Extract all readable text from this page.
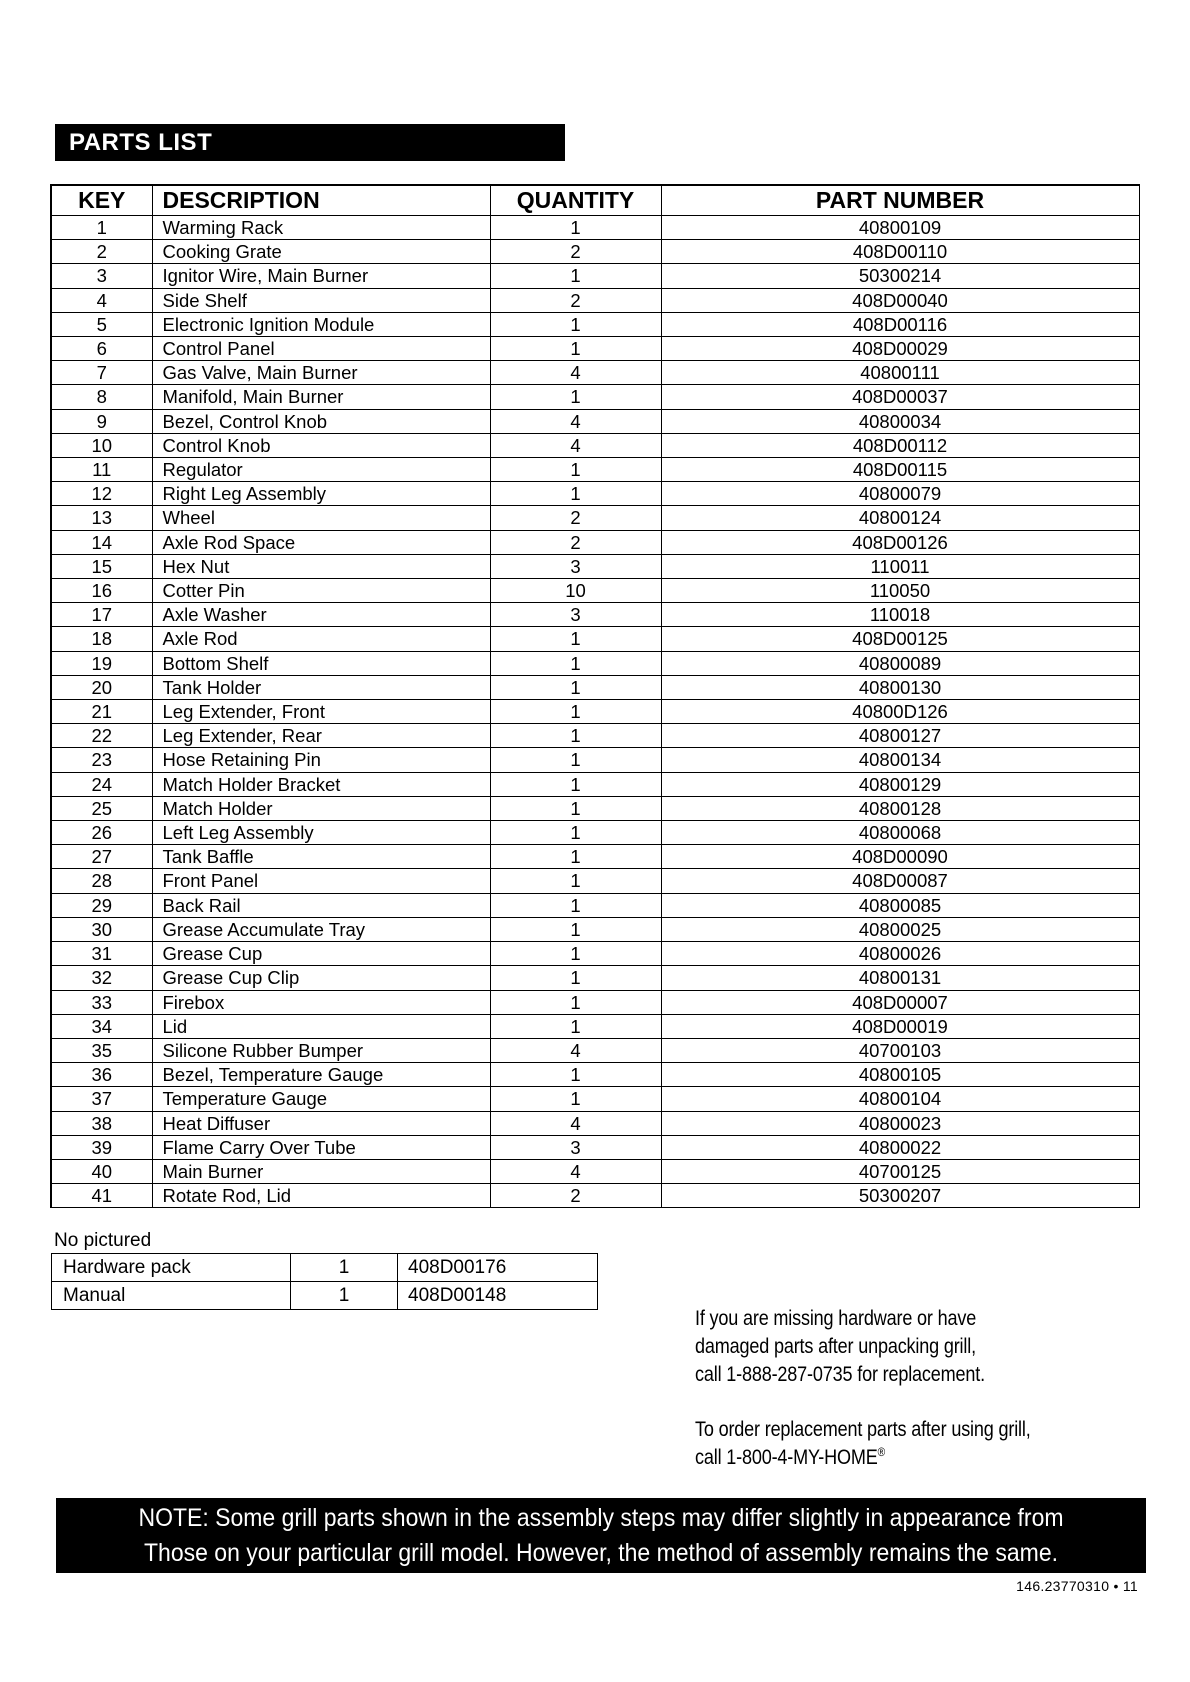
PARTS LIST
KEY	DESCRIPTION	QUANTITY	PART NUMBER
1	Warming Rack	1	40800109
2	Cooking Grate	2	408D00110
3	Ignitor Wire, Main Burner	1	50300214
4	Side Shelf	2	408D00040
5	Electronic Ignition Module	1	408D00116
6	Control Panel	1	408D00029
7	Gas Valve, Main Burner	4	40800111
8	Manifold, Main Burner	1	408D00037
9	Bezel, Control Knob	4	40800034
10	Control Knob	4	408D00112
11	Regulator	1	408D00115
12	Right Leg Assembly	1	40800079
13	Wheel	2	40800124
14	Axle Rod Space	2	408D00126
15	Hex Nut	3	110011
16	Cotter Pin	10	110050
17	Axle Washer	3	110018
18	Axle Rod	1	408D00125
19	Bottom Shelf	1	40800089
20	Tank Holder	1	40800130
21	Leg Extender, Front	1	40800D126
22	Leg Extender, Rear	1	40800127
23	Hose Retaining Pin	1	40800134
24	Match Holder Bracket	1	40800129
25	Match Holder	1	40800128
26	Left Leg Assembly	1	40800068
27	Tank Baffle	1	408D00090
28	Front Panel	1	408D00087
29	Back Rail	1	40800085
30	Grease Accumulate Tray	1	40800025
31	Grease Cup	1	40800026
32	Grease Cup Clip	1	40800131
33	Firebox	1	408D00007
34	Lid	1	408D00019
35	Silicone Rubber Bumper	4	40700103
36	Bezel, Temperature Gauge	1	40800105
37	Temperature Gauge	1	40800104
38	Heat Diffuser	4	40800023
39	Flame Carry Over Tube	3	40800022
40	Main Burner	4	40700125
41	Rotate Rod, Lid	2	50300207
No pictured
Hardware pack	1	408D00176
Manual	1	408D00148

If you are missing hardware or have
damaged parts after unpacking grill,
call 1-888-287-0735 for replacement.

To order replacement parts after using grill,
call 1-800-4-MY-HOME®

NOTE: Some grill parts shown in the assembly steps may differ slightly in appearance from
Those on your particular grill model. However, the method of assembly remains the same.
146.23770310 • 11
